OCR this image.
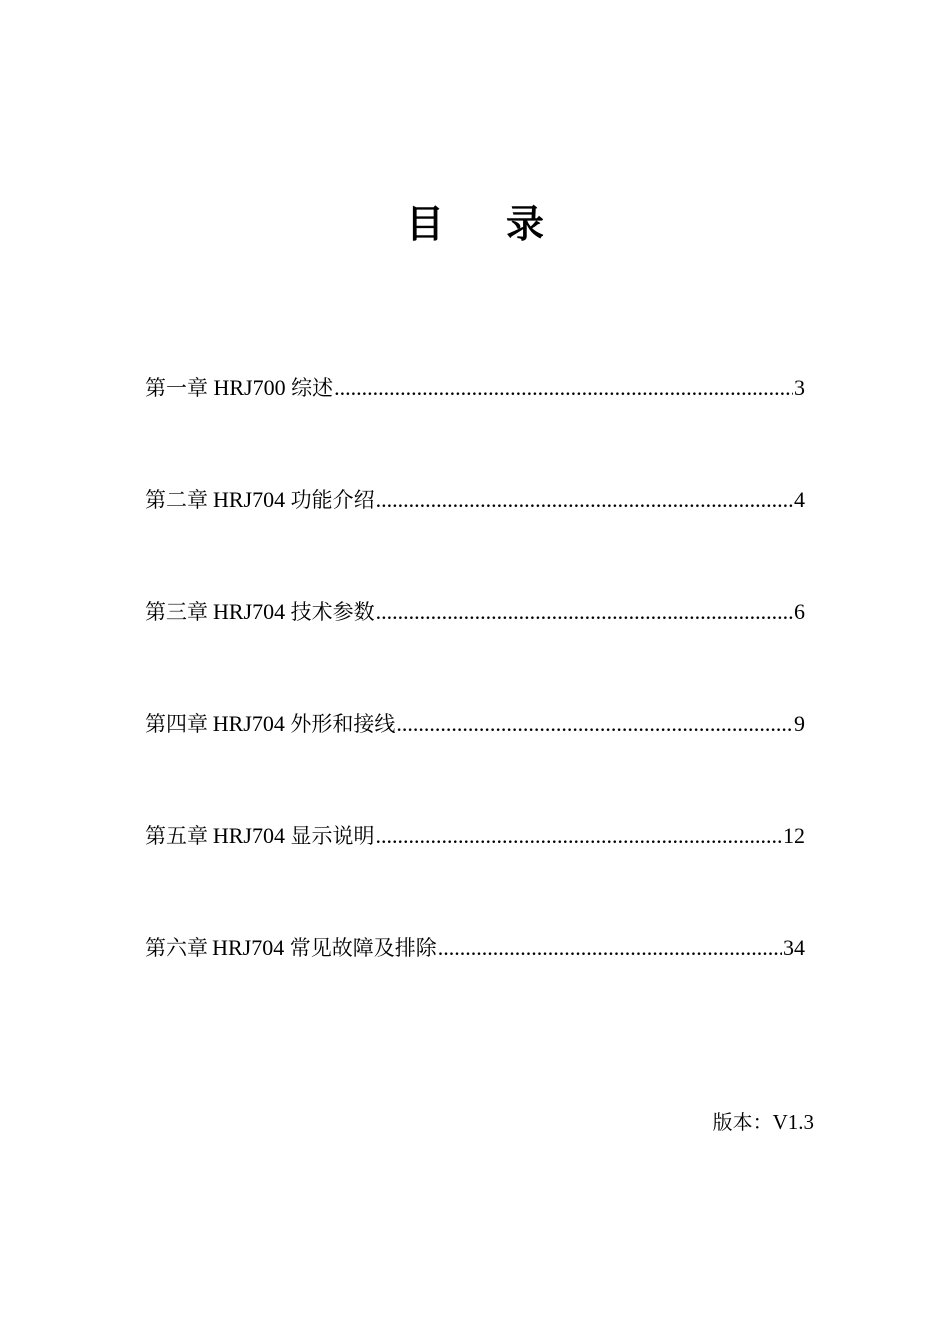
目 录
第一章 HRJ700 综述 .....	3
第二章 HRJ704 功能介绍 .....	4
第三章 HRJ704 技术参数 .....	6
第四章 HRJ704 外形和接线 .....	9
第五章 HRJ704 显示说明 .....	12
第六章 HRJ704 常见故障及排除 .....	34
版本：V1.3
